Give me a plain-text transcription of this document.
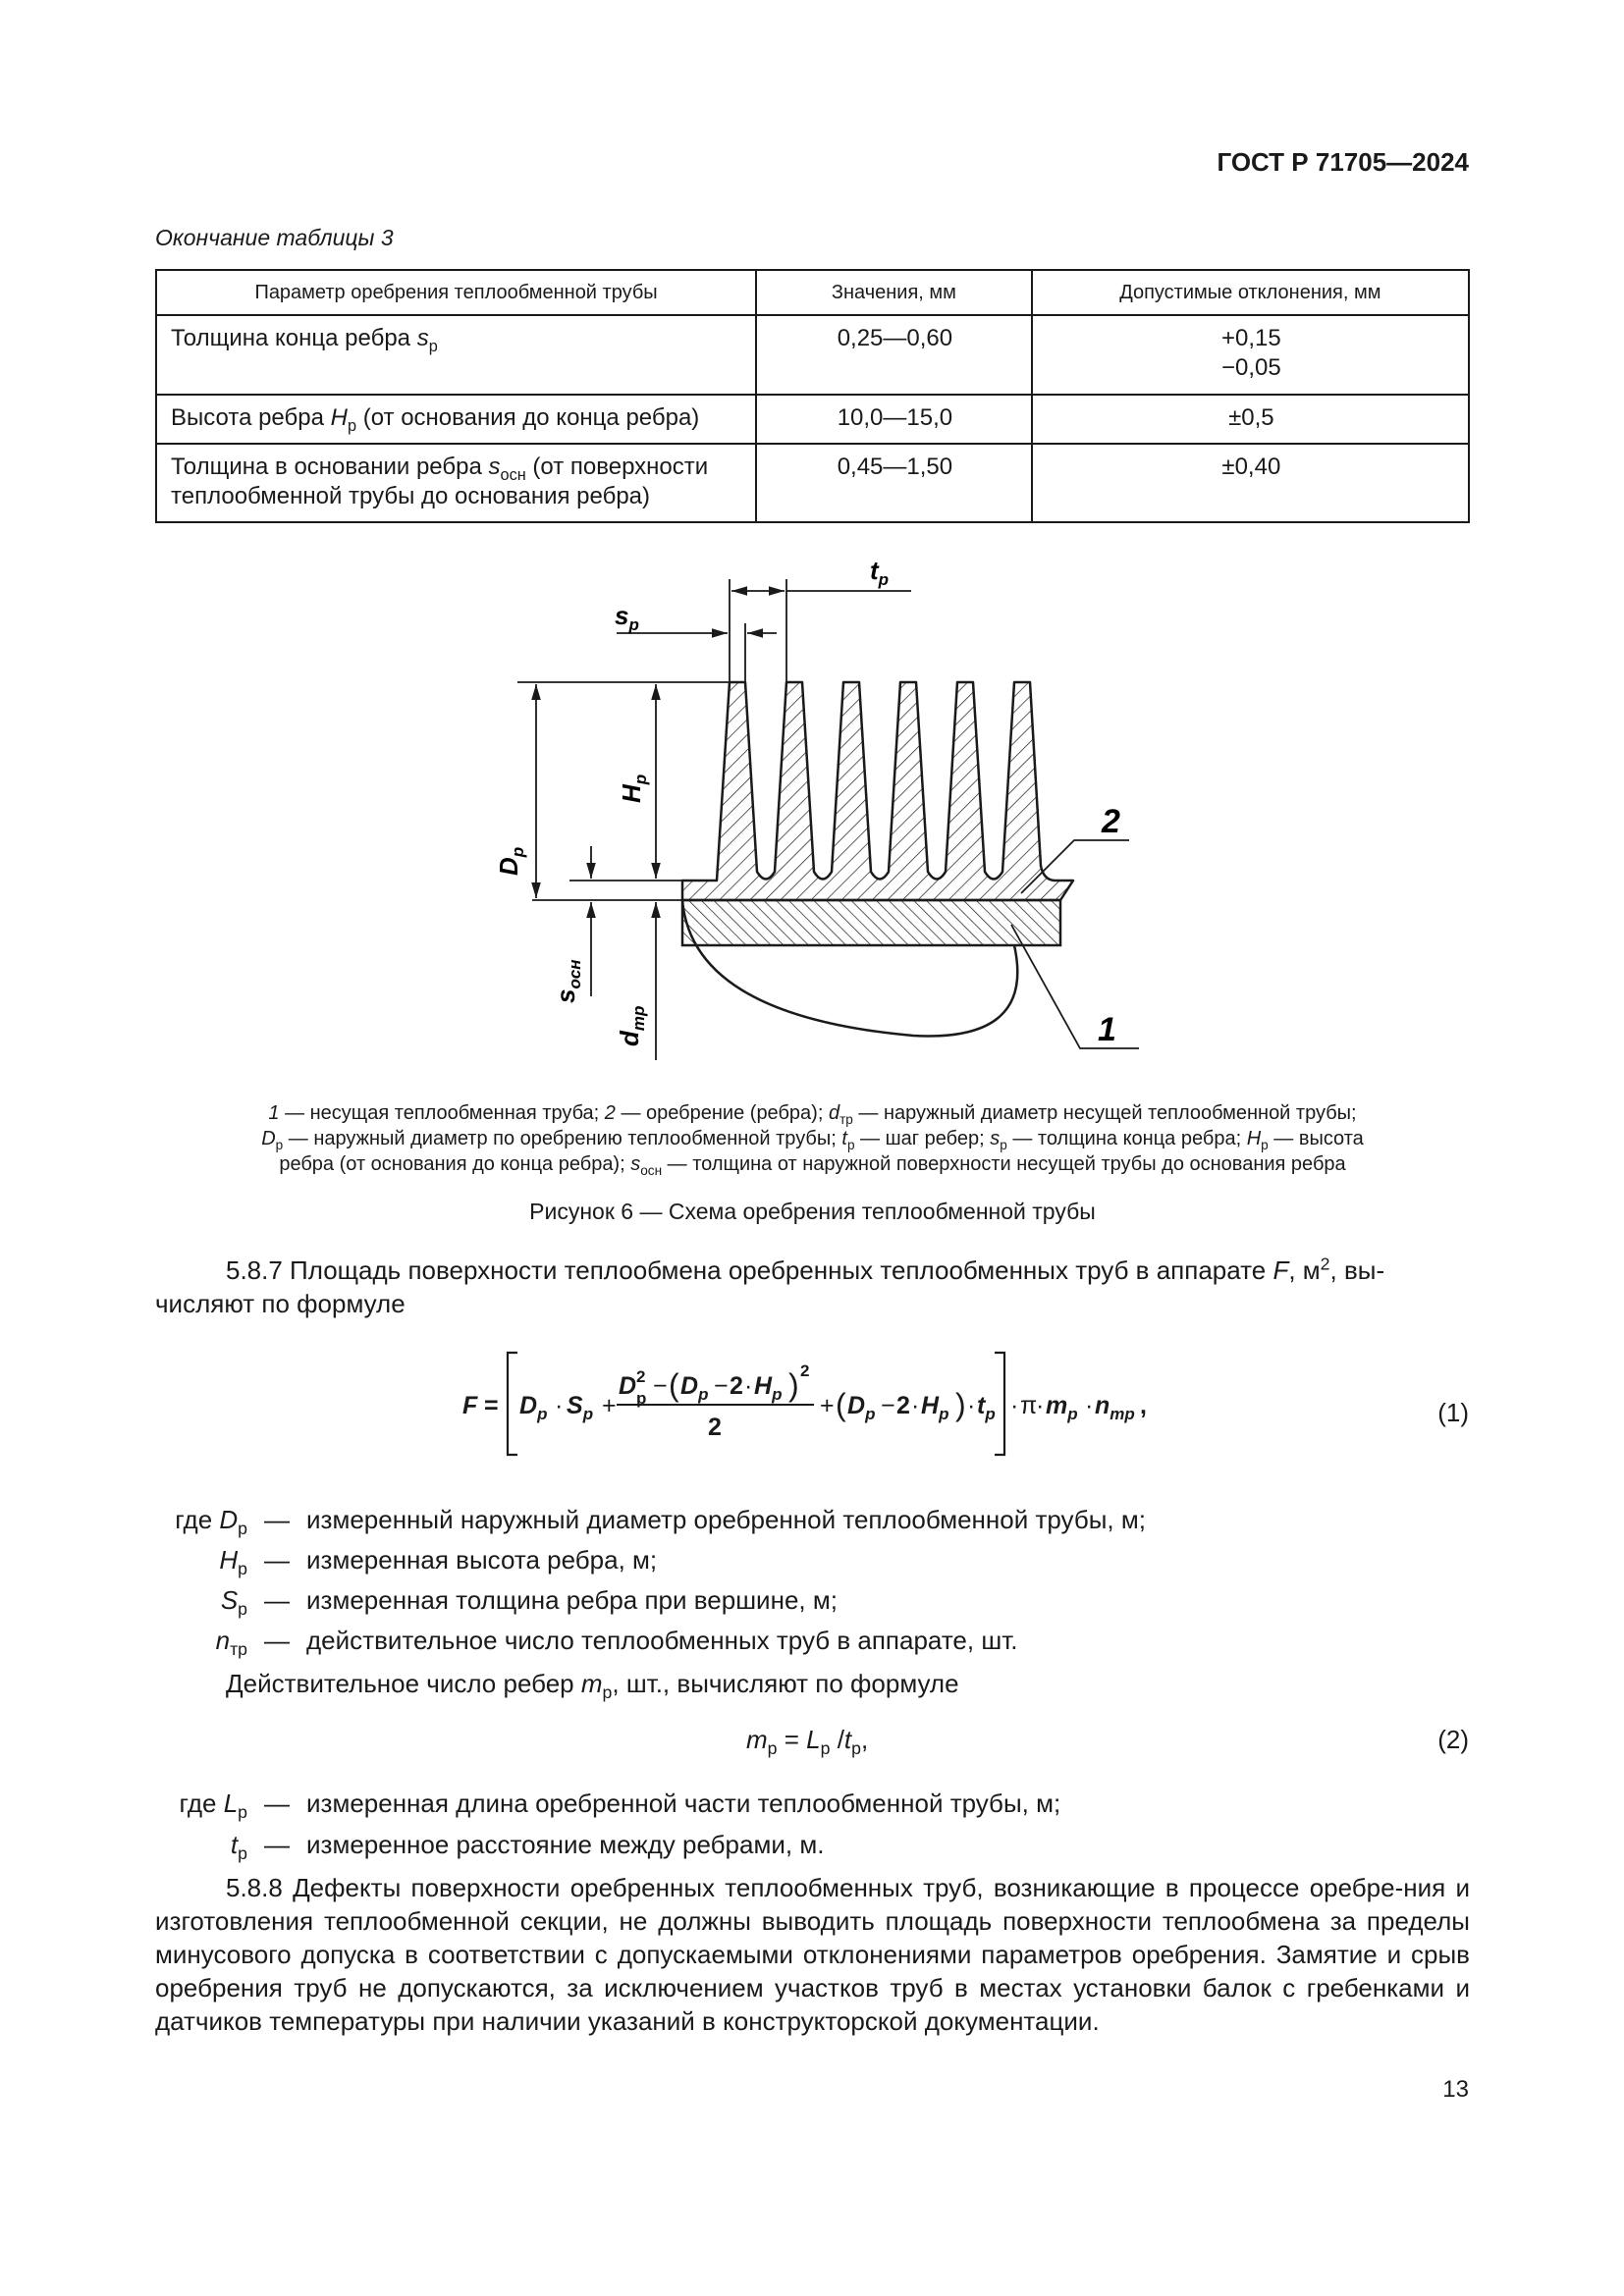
ГОСТ Р 71705—2024
Окончание таблицы 3
Параметр оребрения теплообменной трубы	Значения, мм	Допустимые отклонения, мм
Толщина конца ребра $s_р$	0,25—0,60	+0,15
−0,05

Высота ребра $H_р$ (от основания до конца ребра)	10,0—15,0	±0,5
Толщина в основании ребра $s_{осн}$ (от поверхности теплообменной трубы до основания ребра)	0,45—1,50	±0,40
$t_р$
$s_р$
$H_р$
$D_р$
$s_{осн}$
$d_{тр}$
2
1
1 — несущая теплообменная труба; 2 — оребрение (ребра); $d_{тр}$ — наружный диаметр несущей теплообменной трубы;
$D_р$ — наружный диаметр по оребрению теплообменной трубы; $t_р$ — шаг ребер; $s_р$ — толщина конца ребра; $H_р$ — высота
ребра (от основания до конца ребра); $s_{осн}$ — толщина от наружной поверхности несущей трубы до основания ребра
Рисунок 6 — Схема оребрения теплообменной трубы
5.8.7 Площадь поверхности теплообмена оребренных теплообменных труб в аппарате F, $м^2$, вы-
числяют по формуле
$F = D_р \cdot S_р$ +
D 2
р − ( $D_р - 2 \cdot H_р$ ) 2
2
+ ( $D_р - 2 \cdot H_р$ ) · $t_р \cdot \pi$
· $m_р \cdot n_{тр}$ ,	(1)
где $D_р$ — измеренный наружный диаметр оребренной теплообменной трубы, м;
$H_р$ — измеренная высота ребра, м;
$S_р$ — измеренная толщина ребра при вершине, м;
$n_{тр}$ — действительное число теплообменных труб в аппарате, шт.
Действительное число ребер $m_р$, шт., вычисляют по формуле
$m_р = L_р$ $/t_р$,	(2)
где $L_р$ — измеренная длина оребренной части теплообменной трубы, м;
$t_р$ — измеренное расстояние между ребрами, м.
5.8.8 Дефекты поверхности оребренных теплообменных труб, возникающие в процессе оребре-ния и изготовления теплообменной секции, не должны выводить площадь поверхности теплообмена за пределы минусового допуска в соответствии с допускаемыми отклонениями параметров оребрения. Замятие и срыв оребрения труб не допускаются, за исключением участков труб в местах установки балок с гребенками и датчиков температуры при наличии указаний в конструкторской документации.
13
